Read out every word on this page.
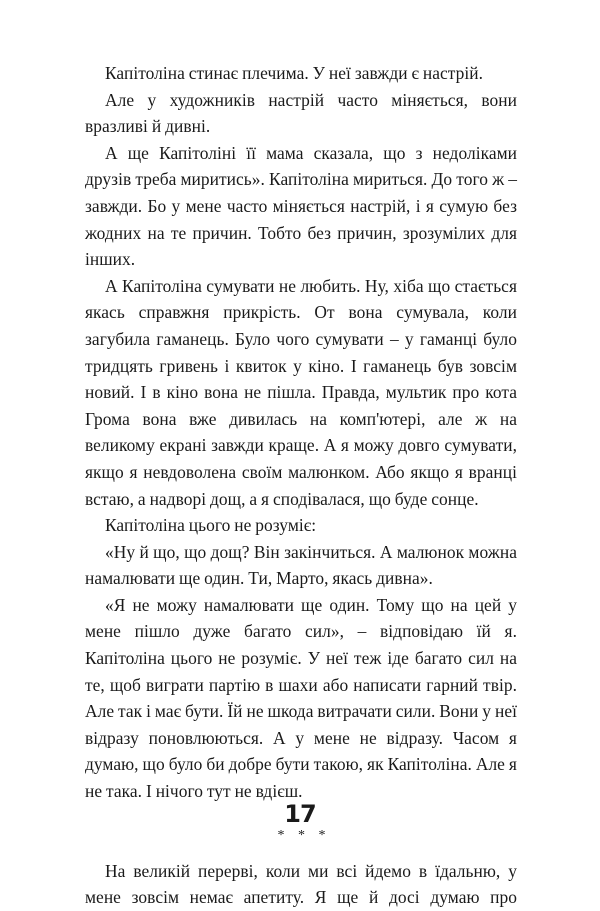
Капітоліна стинає плечима. У неї завжди є настрій.

Але у художників настрій часто міняється, вони вразливі й дивні.

А ще Капітоліні її мама сказала, що з недоліками друзів треба миритись». Капітоліна мириться. До того ж – завжди. Бо у мене часто міняється настрій, і я сумую без жодних на те причин. Тобто без причин, зрозумілих для інших.

А Капітоліна сумувати не любить. Ну, хіба що стається якась справжня прикрість. От вона сумувала, коли загубила гаманець. Було чого сумувати – у гаманці було тридцять гривень і квиток у кіно. І гаманець був зовсім новий. І в кіно вона не пішла. Правда, мультик про кота Грома вона вже дивилась на комп'ютері, але ж на великому екрані завжди краще. А я можу довго сумувати, якщо я невдоволена своїм малюнком. Або якщо я вранці встаю, а надворі дощ, а я сподівалася, що буде сонце.

Капітоліна цього не розуміє:

«Ну й що, що дощ? Він закінчиться. А малюнок можна намалювати ще один. Ти, Марто, якась дивна».

«Я не можу намалювати ще один. Тому що на цей у мене пішло дуже багато сил», – відповідаю їй я. Капітоліна цього не розуміє. У неї теж іде багато сил на те, щоб виграти партію в шахи або написати гарний твір. Але так і має бути. Їй не шкода витрачати сили. Вони у неї відразу поновлюються. А у мене не відразу. Часом я думаю, що було би добре бути такою, як Капітоліна. Але я не така. І нічого тут не вдієш.

* * *

На великій перерві, коли ми всі йдемо в їдальню, у мене зовсім немає апетиту. Я ще й досі думаю про

17
